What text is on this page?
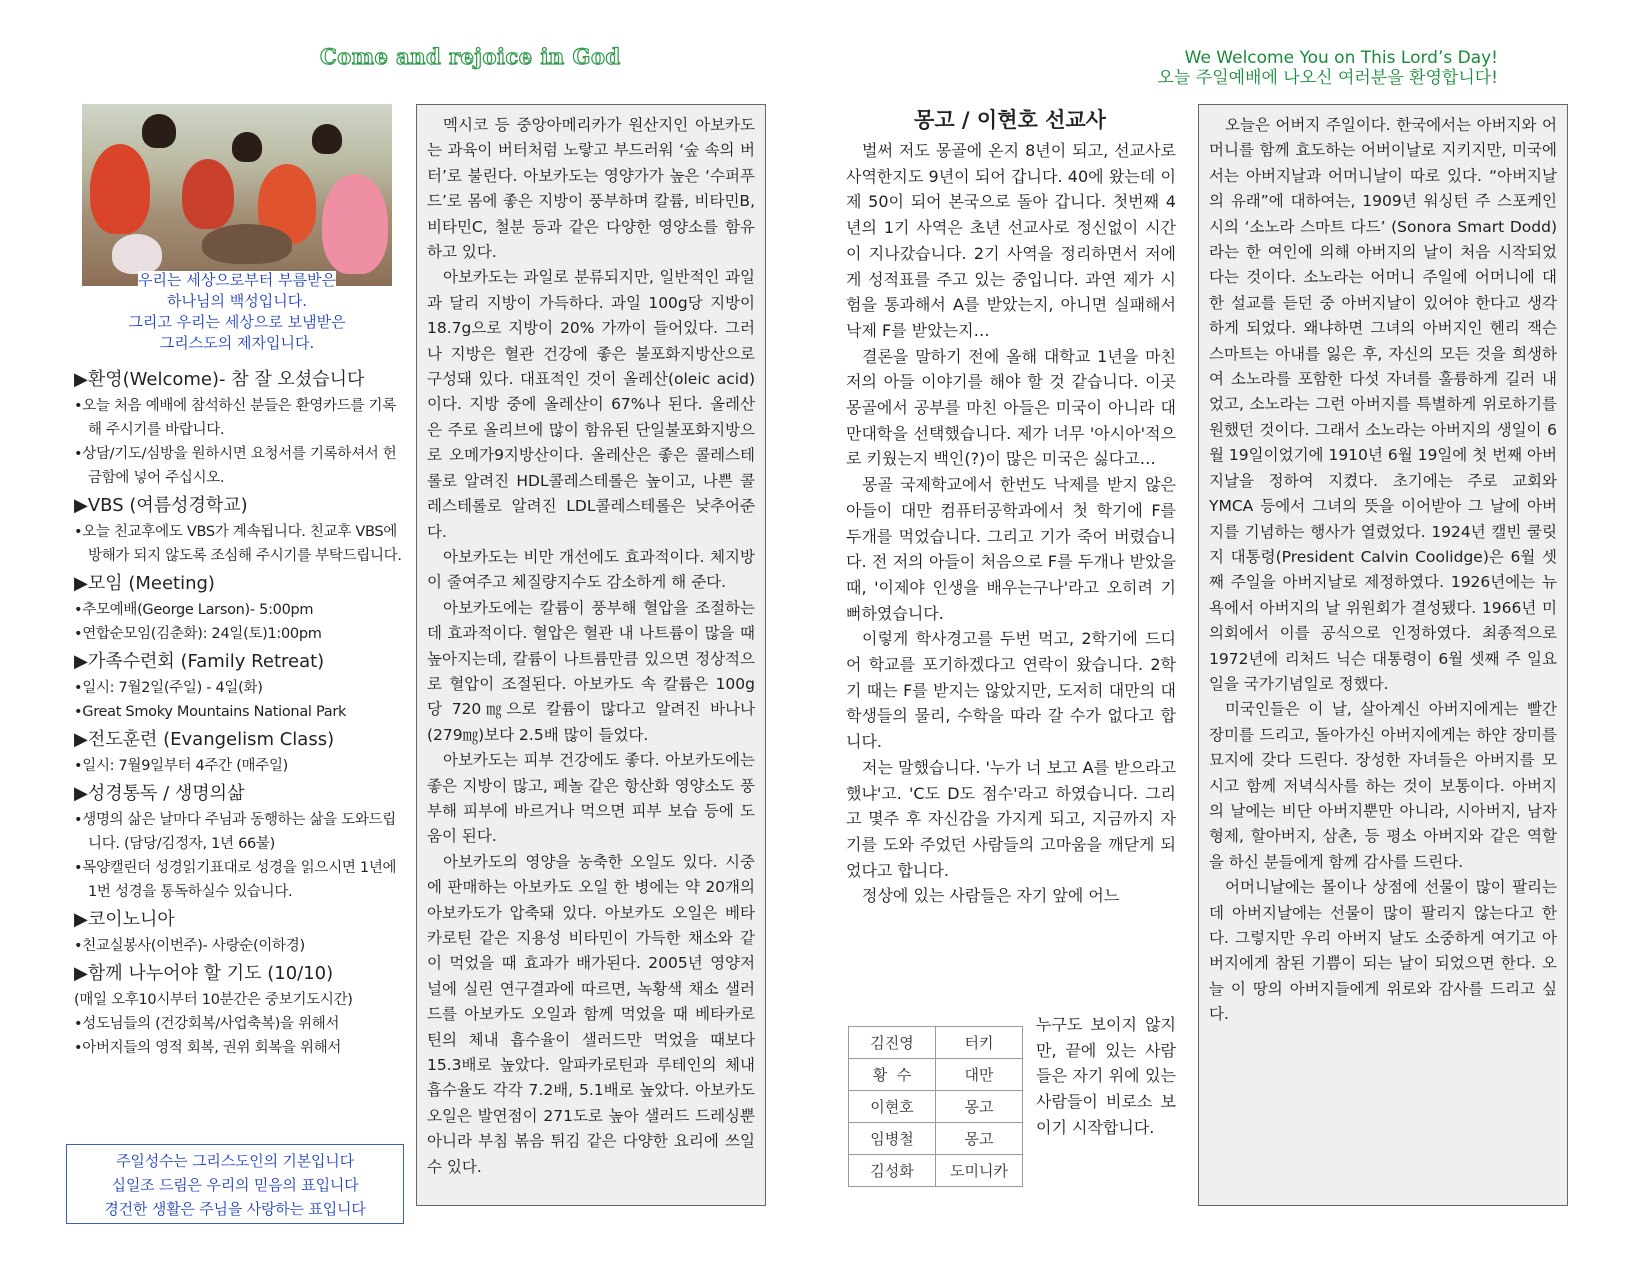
Come and rejoice in God	We Welcome You on This Lord’s Day!
오늘 주일예배에 나오신 여러분을 환영합니다!
우리는 세상으로부터 부름받은
하나님의 백성입니다.
그리고 우리는 세상으로 보냄받은
그리스도의 제자입니다.
▶환영(Welcome)- 참 잘 오셨습니다
•오늘 처음 예배에 참석하신 분들은 환영카드를 기록해 주시기를 바랍니다.
•상담/기도/심방을 원하시면 요청서를 기록하셔서 헌금함에 넣어 주십시오.
▶VBS (여름성경학교)
•오늘 친교후에도 VBS가 계속됩니다. 친교후 VBS에 방해가 되지 않도록 조심해 주시기를 부탁드립니다.
▶모임 (Meeting)
•추모예배(George Larson)- 5:00pm
•연합순모임(김춘화): 24일(토)1:00pm
▶가족수련회 (Family Retreat)
•일시: 7월2일(주일) - 4일(화)
•Great Smoky Mountains National Park
▶전도훈련 (Evangelism Class)
•일시: 7월9일부터 4주간 (매주일)
▶성경통독 / 생명의삶
•생명의 삶은 날마다 주님과 동행하는 삶을 도와드립니다. (담당/김정자, 1년 66불)
•목양캘린더 성경읽기표대로 성경을 읽으시면 1년에 1번 성경을 통독하실수 있습니다.
▶코이노니아
•친교실봉사(이번주)- 사랑순(이하경)
▶함께 나누어야 할 기도 (10/10)
(매일 오후10시부터 10분간은 중보기도시간)
•성도님들의 (건강회복/사업축복)을 위해서
•아버지들의 영적 회복, 권위 회복을 위해서
주일성수는 그리스도인의 기본입니다
십일조 드림은 우리의 믿음의 표입니다
경건한 생활은 주님을 사랑하는 표입니다

멕시코 등 중앙아메리카가 원산지인 아보카도는 과육이 버터처럼 노랗고 부드러워 ‘숲 속의 버터’로 불린다. 아보카도는 영양가가 높은 ‘수퍼푸드’로 몸에 좋은 지방이 풍부하며 칼륨, 비타민B, 비타민C, 철분 등과 같은 다양한 영양소를 함유하고 있다.

아보카도는 과일로 분류되지만, 일반적인 과일과 달리 지방이 가득하다. 과일 100g당 지방이 18.7g으로 지방이 20% 가까이 들어있다. 그러나 지방은 혈관 건강에 좋은 불포화지방산으로 구성돼 있다. 대표적인 것이 올레산(oleic acid)이다. 지방 중에 올레산이 67%나 된다. 올레산은 주로 올리브에 많이 함유된 단일불포화지방으로 오메가9지방산이다. 올레산은 좋은 콜레스테롤로 알려진 HDL콜레스테롤은 높이고, 나쁜 콜레스테롤로 알려진 LDL콜레스테롤은 낮추어준다.

아보카도는 비만 개선에도 효과적이다. 체지방이 줄여주고 체질량지수도 감소하게 해 준다.

아보카도에는 칼륨이 풍부해 혈압을 조절하는데 효과적이다. 혈압은 혈관 내 나트륨이 많을 때 높아지는데, 칼륨이 나트륨만큼 있으면 정상적으로 혈압이 조절된다. 아보카도 속 칼륨은 100g당 720㎎으로 칼륨이 많다고 알려진 바나나(279㎎)보다 2.5배 많이 들었다.

아보카도는 피부 건강에도 좋다. 아보카도에는 좋은 지방이 많고, 페놀 같은 항산화 영양소도 풍부해 피부에 바르거나 먹으면 피부 보습 등에 도움이 된다.

아보카도의 영양을 농축한 오일도 있다. 시중에 판매하는 아보카도 오일 한 병에는 약 20개의 아보카도가 압축돼 있다. 아보카도 오일은 베타카로틴 같은 지용성 비타민이 가득한 채소와 같이 먹었을 때 효과가 배가된다. 2005년 영양저널에 실린 연구결과에 따르면, 녹황색 채소 샐러드를 아보카도 오일과 함께 먹었을 때 베타카로틴의 체내 흡수율이 샐러드만 먹었을 때보다 15.3배로 높았다. 알파카로틴과 루테인의 체내 흡수율도 각각 7.2배, 5.1배로 높았다. 아보카도 오일은 발연점이 271도로 높아 샐러드 드레싱뿐 아니라 부침 볶음 튀김 같은 다양한 요리에 쓰일 수 있다.

몽고 / 이현호 선교사

벌써 저도 몽골에 온지 8년이 되고, 선교사로 사역한지도 9년이 되어 갑니다. 40에 왔는데 이제 50이 되어 본국으로 돌아 갑니다. 첫번째 4년의 1기 사역은 초년 선교사로 정신없이 시간이 지나갔습니다. 2기 사역을 정리하면서 저에게 성적표를 주고 있는 중입니다. 과연 제가 시험을 통과해서 A를 받았는지, 아니면 실패해서 낙제 F를 받았는지…

결론을 말하기 전에 올해 대학교 1년을 마친 저의 아들 이야기를 해야 할 것 같습니다. 이곳 몽골에서 공부를 마친 아들은 미국이 아니라 대만대학을 선택했습니다. 제가 너무 '아시아'적으로 키웠는지 백인(?)이 많은 미국은 싫다고…

몽골 국제학교에서 한번도 낙제를 받지 않은 아들이 대만 컴퓨터공학과에서 첫 학기에 F를 두개를 먹었습니다. 그리고 기가 죽어 버렸습니다. 전 저의 아들이 처음으로 F를 두개나 받았을 때, '이제야 인생을 배우는구나'라고 오히려 기뻐하였습니다.

이렇게 학사경고를 두번 먹고, 2학기에 드디어 학교를 포기하겠다고 연락이 왔습니다. 2학기 때는 F를 받지는 않았지만, 도저히 대만의 대학생들의 물리, 수학을 따라 갈 수가 없다고 합니다.

저는 말했습니다. '누가 너 보고 A를 받으라고 했냐'고. 'C도 D도 점수'라고 하였습니다. 그리고 몇주 후 자신감을 가지게 되고, 지금까지 자기를 도와 주었던 사람들의 고마움을 깨닫게 되었다고 합니다.

정상에 있는 사람들은 자기 앞에 어느

누구도 보이지 않지만, 끝에 있는 사람들은 자기 위에 있는 사람들이 비로소 보이기 시작합니다.
김진영	터키
황  수	대만
이현호	몽고
임병철	몽고
김성화	도미니카

오늘은 어버지 주일이다. 한국에서는 아버지와 어머니를 함께 효도하는 어버이날로 지키지만, 미국에서는 아버지날과 어머니날이 따로 있다. “아버지날의 유래”에 대하여는, 1909년 워싱턴 주 스포케인 시의 ‘소노라 스마트 다드’ (Sonora Smart Dodd)라는 한 여인에 의해 아버지의 날이 처음 시작되었다는 것이다. 소노라는 어머니 주일에 어머니에 대한 설교를 듣던 중 아버지날이 있어야 한다고 생각하게 되었다. 왜냐하면 그녀의 아버지인 헨리 잭슨 스마트는 아내를 잃은 후, 자신의 모든 것을 희생하여 소노라를 포함한 다섯 자녀를 훌륭하게 길러 내었고, 소노라는 그런 아버지를 특별하게 위로하기를 원했던 것이다. 그래서 소노라는 아버지의 생일이 6월 19일이었기에 1910년 6월 19일에 첫 번째 아버지날을 정하여 지켰다. 초기에는 주로 교회와 YMCA 등에서 그녀의 뜻을 이어받아 그 날에 아버지를 기념하는 행사가 열렸었다. 1924년 캘빈 쿨릿지 대통령(President Calvin Coolidge)은 6월 셋째 주일을 아버지날로 제정하였다. 1926년에는 뉴욕에서 아버지의 날 위원회가 결성됐다. 1966년 미 의회에서 이를 공식으로 인정하였다. 최종적으로 1972년에 리처드 닉슨 대통령이 6월 셋째 주 일요일을 국가기념일로 정했다.

미국인들은 이 날, 살아계신 아버지에게는 빨간 장미를 드리고, 돌아가신 아버지에게는 하얀 장미를 묘지에 갖다 드린다. 장성한 자녀들은 아버지를 모시고 함께 저녁식사를 하는 것이 보통이다. 아버지의 날에는 비단 아버지뿐만 아니라, 시아버지, 남자 형제, 할아버지, 삼촌, 등 평소 아버지와 같은 역할을 하신 분들에게 함께 감사를 드린다.

어머니날에는 몰이나 상점에 선물이 많이 팔리는데 아버지날에는 선물이 많이 팔리지 않는다고 한다. 그렇지만 우리 아버지 날도 소중하게 여기고 아버지에게 참된 기쁨이 되는 날이 되었으면 한다. 오늘 이 땅의 아버지들에게 위로와 감사를 드리고 싶다.
